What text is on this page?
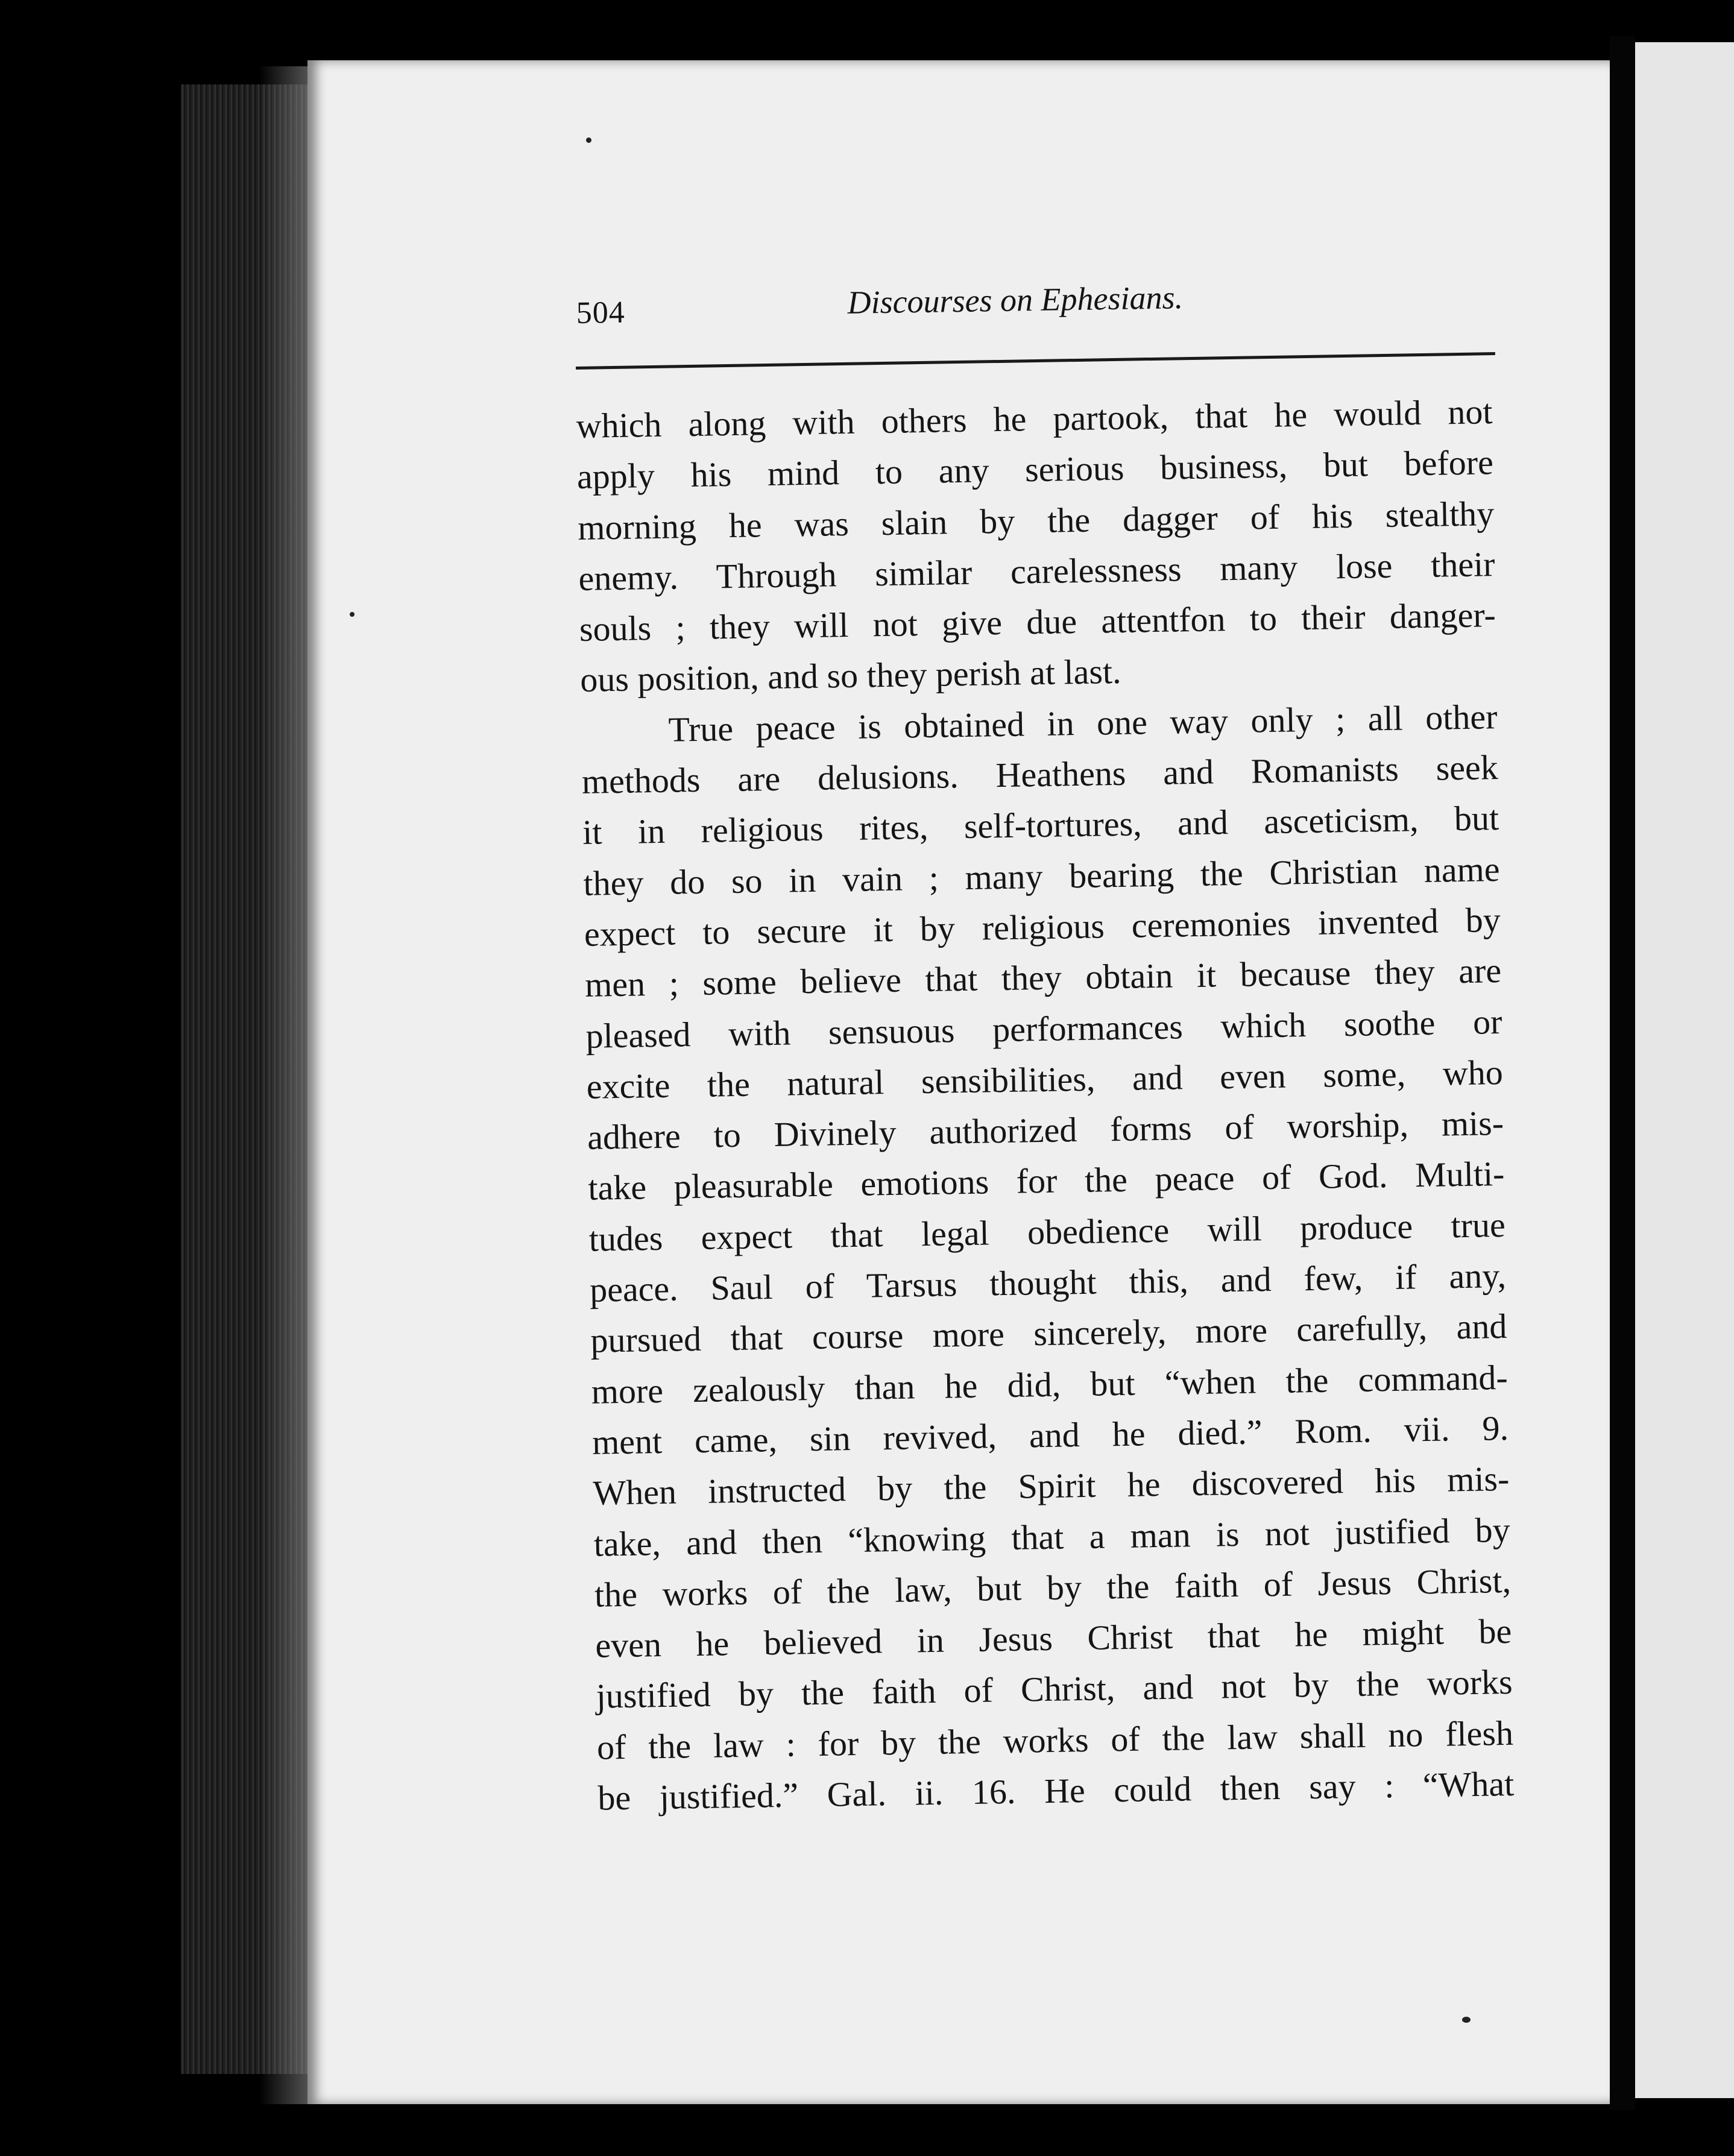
504	Discourses on Ephesians.
which along with others he partook, that he would not
apply his mind to any serious business, but before
morning he was slain by the dagger of his stealthy
enemy. Through similar carelessness many lose their
souls ; they will not give due attentfon to their danger-
ous position, and so they perish at last.
True peace is obtained in one way only ; all other
methods are delusions. Heathens and Romanists seek
it in religious rites, self-tortures, and asceticism, but
they do so in vain ; many bearing the Christian name
expect to secure it by religious ceremonies invented by
men ; some believe that they obtain it because they are
pleased with sensuous performances which soothe or
excite the natural sensibilities, and even some, who
adhere to Divinely authorized forms of worship, mis-
take pleasurable emotions for the peace of God. Multi-
tudes expect that legal obedience will produce true
peace. Saul of Tarsus thought this, and few, if any,
pursued that course more sincerely, more carefully, and
more zealously than he did, but “when the command-
ment came, sin revived, and he died.” Rom. vii. 9.
When instructed by the Spirit he discovered his mis-
take, and then “knowing that a man is not justified by
the works of the law, but by the faith of Jesus Christ,
even he believed in Jesus Christ that he might be
justified by the faith of Christ, and not by the works
of the law : for by the works of the law shall no flesh
be justified.” Gal. ii. 16. He could then say : “What
